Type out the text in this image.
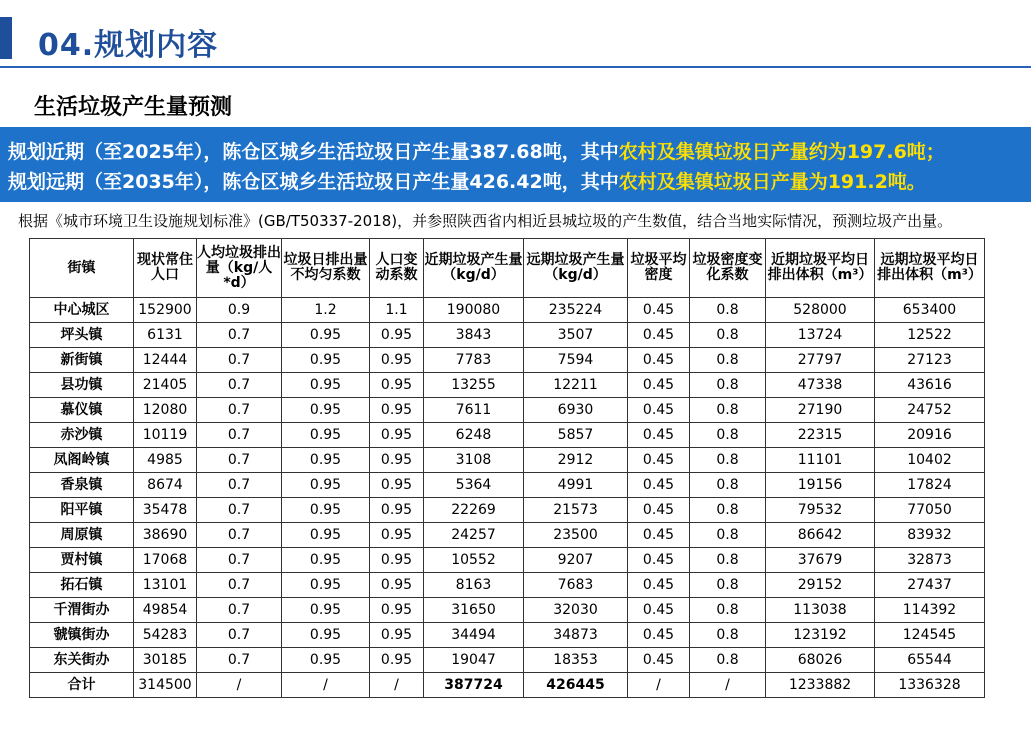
04.规划内容
生活垃圾产生量预测
规划近期（至2025年），陈仓区城乡生活垃圾日产生量387.68吨，其中农村及集镇垃圾日产量约为197.6吨；
规划远期（至2035年），陈仓区城乡生活垃圾日产生量426.42吨，其中农村及集镇垃圾日产量为191.2吨。
根据《城市环境卫生设施规划标准》(GB/T50337-2018)，并参照陕西省内相近县城垃圾的产生数值，结合当地实际情况，预测垃圾产出量。
街镇	现状常住人口	人均垃圾排出量（kg/人*d）	垃圾日排出量不均匀系数	人口变动系数	近期垃圾产生量（kg/d）	远期垃圾产生量（kg/d）	垃圾平均密度	垃圾密度变化系数	近期垃圾平均日排出体积（m³）	远期垃圾平均日排出体积（m³）
中心城区	152900	0.9	1.2	1.1	190080	235224	0.45	0.8	528000	653400
坪头镇	6131	0.7	0.95	0.95	3843	3507	0.45	0.8	13724	12522
新街镇	12444	0.7	0.95	0.95	7783	7594	0.45	0.8	27797	27123
县功镇	21405	0.7	0.95	0.95	13255	12211	0.45	0.8	47338	43616
慕仪镇	12080	0.7	0.95	0.95	7611	6930	0.45	0.8	27190	24752
赤沙镇	10119	0.7	0.95	0.95	6248	5857	0.45	0.8	22315	20916
凤阁岭镇	4985	0.7	0.95	0.95	3108	2912	0.45	0.8	11101	10402
香泉镇	8674	0.7	0.95	0.95	5364	4991	0.45	0.8	19156	17824
阳平镇	35478	0.7	0.95	0.95	22269	21573	0.45	0.8	79532	77050
周原镇	38690	0.7	0.95	0.95	24257	23500	0.45	0.8	86642	83932
贾村镇	17068	0.7	0.95	0.95	10552	9207	0.45	0.8	37679	32873
拓石镇	13101	0.7	0.95	0.95	8163	7683	0.45	0.8	29152	27437
千渭街办	49854	0.7	0.95	0.95	31650	32030	0.45	0.8	113038	114392
虢镇街办	54283	0.7	0.95	0.95	34494	34873	0.45	0.8	123192	124545
东关街办	30185	0.7	0.95	0.95	19047	18353	0.45	0.8	68026	65544
合计	314500	/	/	/	387724	426445	/	/	1233882	1336328
